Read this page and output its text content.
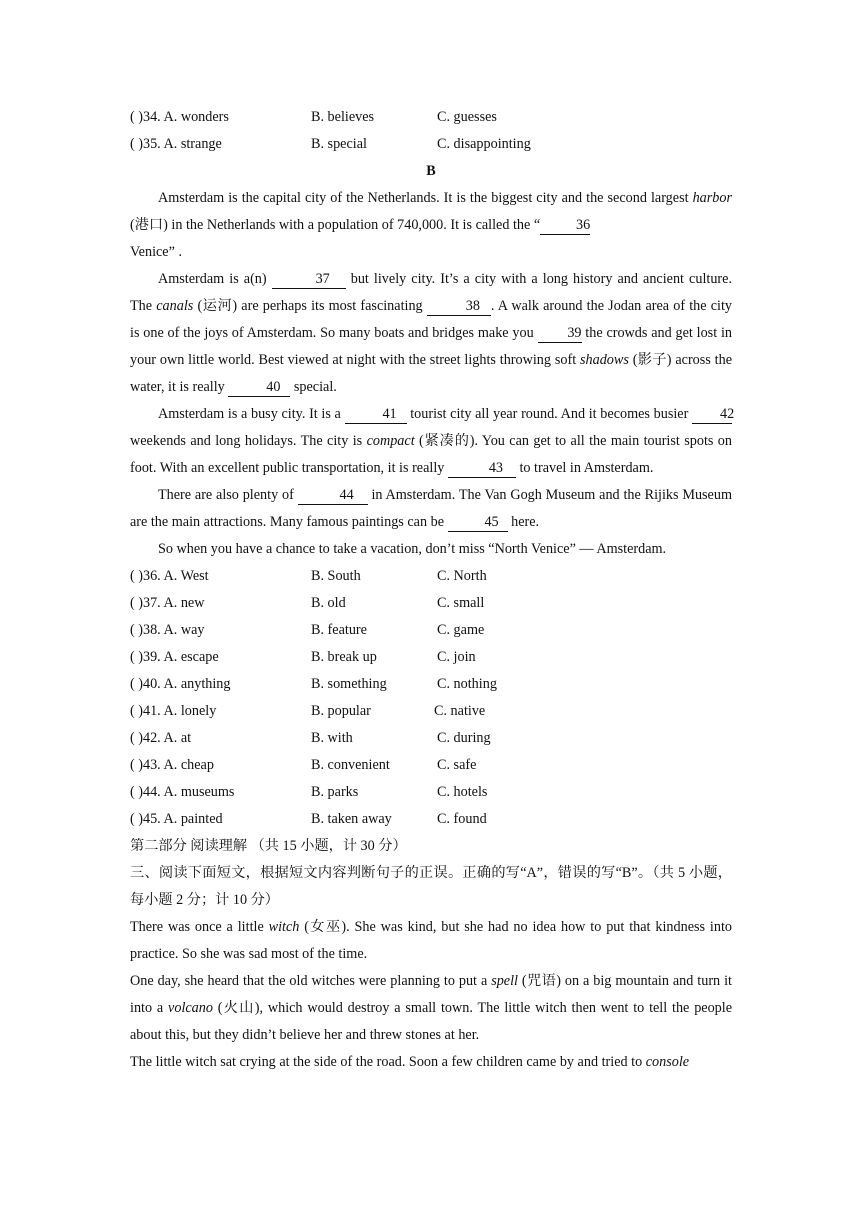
( )34. A. wonders	B. believes	C. guesses
( )35. A. strange	B. special	C. disappointing
B

Amsterdam is the capital city of the Netherlands. It is the biggest city and the second largest harbor (港口) in the Netherlands with a population of 740,000. It is called the “	36
Venice” .

Amsterdam is a(n)	37 but lively city. It’s a city with a long history and ancient culture. The canals (运河) are perhaps its most fascinating	38 . A walk around the Jodan area of the city is one of the joys of Amsterdam. So many boats and bridges make you 39 the crowds and get lost in your own little world. Best viewed at night with the street lights throwing soft shadows (影子) across the water, it is really	40 special.

Amsterdam is a busy city. It is a	41 tourist city all year round. And it becomes busier 42 weekends and long holidays. The city is compact (紧凑的). You can get to all the main tourist spots on foot. With an excellent public transportation, it is really	43 to travel in Amsterdam.

There are also plenty of	44 in Amsterdam. The Van Gogh Museum and the Rijiks Museum are the main attractions. Many famous paintings can be	45 here.

So when you have a chance to take a vacation, don’t miss “North Venice” — Amsterdam.

( )36. A. West	B. South	C. North
( )37. A. new	B. old	C. small
( )38. A. way	B. feature	C. game
( )39. A. escape	B. break up	C. join
( )40. A. anything	B. something	C. nothing
( )41. A. lonely	B. popular	C. native
( )42. A. at	B. with	C. during
( )43. A. cheap	B. convenient	C. safe
( )44. A. museums	B. parks	C. hotels
( )45. A. painted	B. taken away	C. found
第二部分 阅读理解 （共 15 小题，计 30 分）

三、阅读下面短文，根据短文内容判断句子的正误。正确的写“A”，错误的写“B”。（共 5 小题，每小题 2 分；计 10 分）

There was once a little witch (女巫). She was kind, but she had no idea how to put that kindness into practice. So she was sad most of the time.

One day, she heard that the old witches were planning to put a spell (咒语) on a big mountain and turn it into a volcano (火山), which would destroy a small town. The little witch then went to tell the people about this, but they didn’t believe her and threw stones at her.

The little witch sat crying at the side of the road. Soon a few children came by and tried to console
